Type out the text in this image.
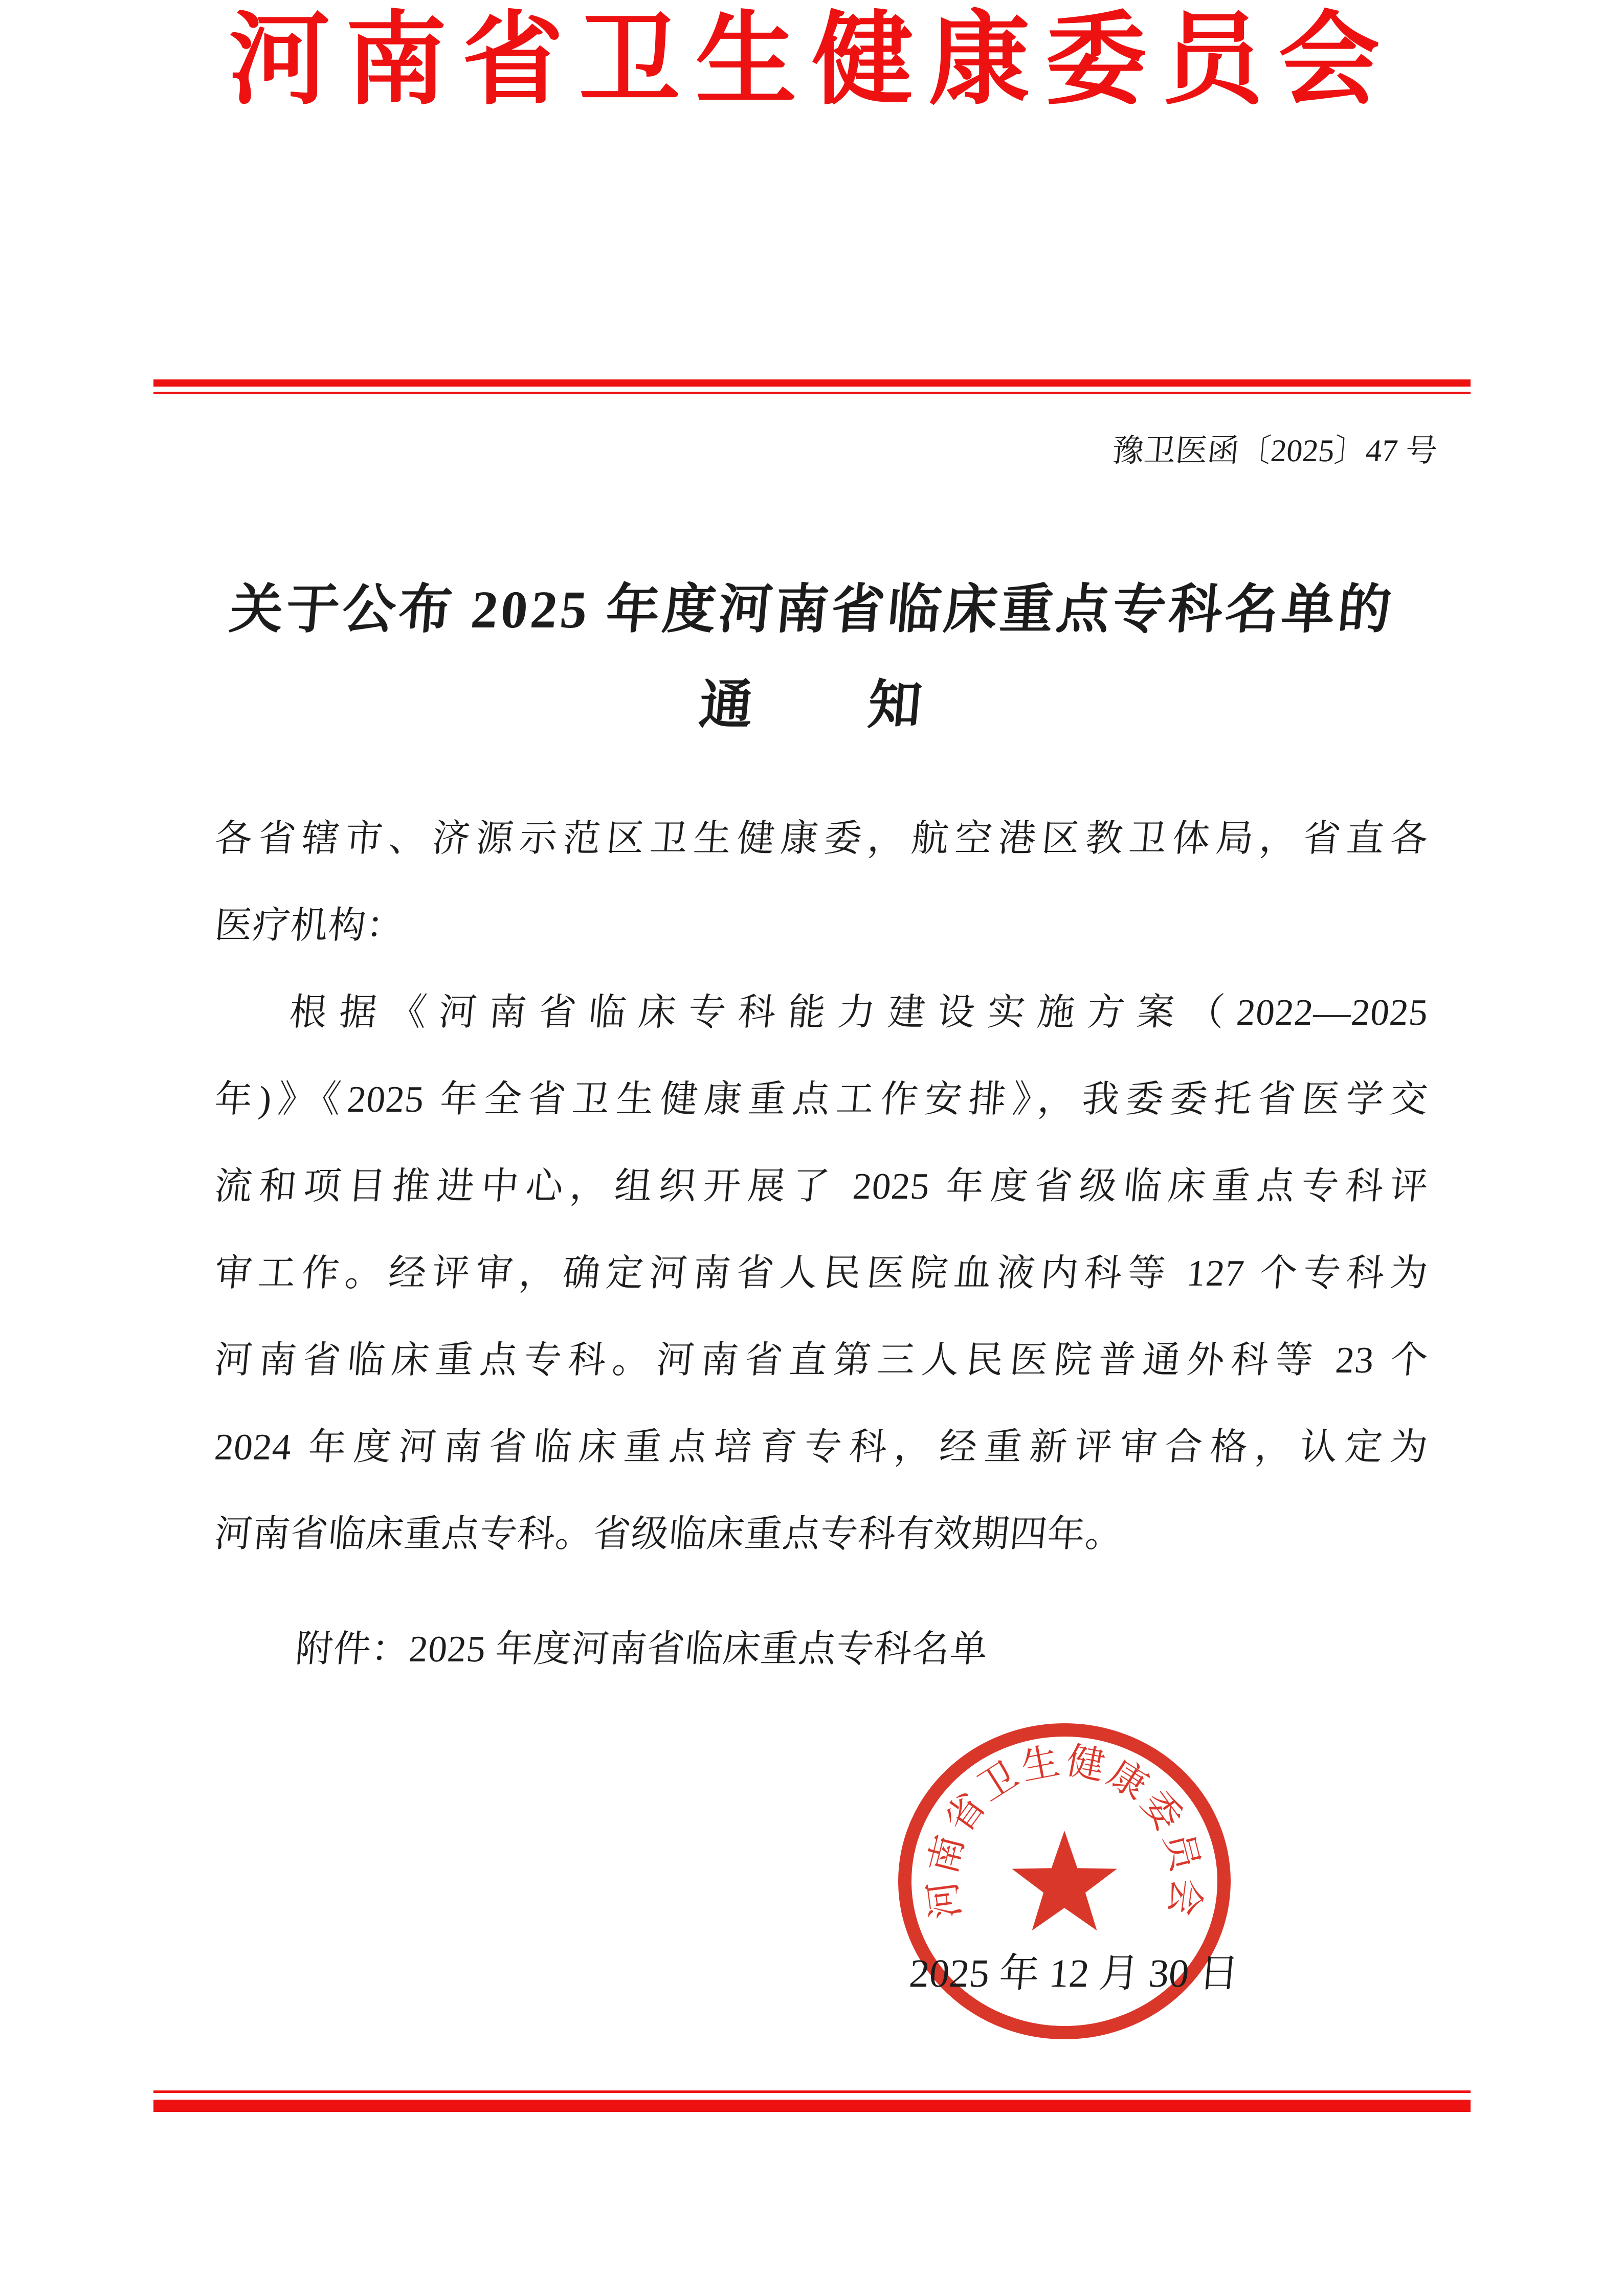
河南省卫生健康委员会
豫卫医函〔2025〕47 号
关于公布 2025 年度河南省临床重点专科名单的
通　　知
各省辖市、济源示范区卫生健康委，航空港区教卫体局，省直各
医疗机构：
根据《河南省临床专科能力建设实施方案（2022—2025
年)》《2025 年全省卫生健康重点工作安排》，我委委托省医学交
流和项目推进中心，组织开展了 2025 年度省级临床重点专科评
审工作。经评审，确定河南省人民医院血液内科等 127 个专科为
河南省临床重点专科。河南省直第三人民医院普通外科等 23 个
2024 年度河南省临床重点培育专科，经重新评审合格，认定为
河南省临床重点专科。省级临床重点专科有效期四年。
附件：2025 年度河南省临床重点专科名单
河南省卫生健康委员会
2025 年 12 月 30 日
